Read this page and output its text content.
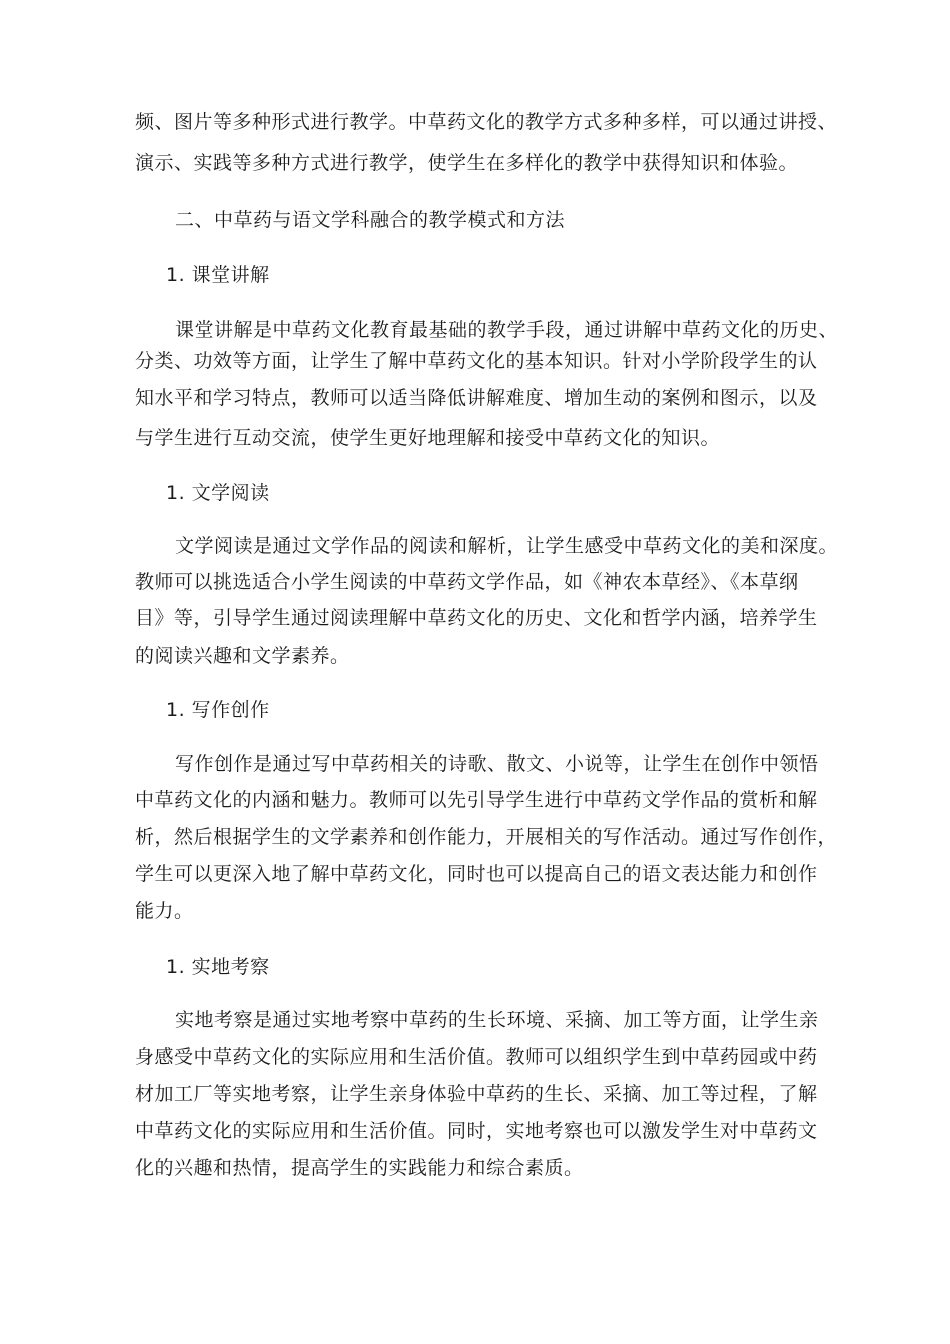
频、图片等多种形式进行教学。中草药文化的教学方式多种多样，可以通过讲授、
演示、实践等多种方式进行教学，使学生在多样化的教学中获得知识和体验。
二、中草药与语文学科融合的教学模式和方法
1. 课堂讲解
课堂讲解是中草药文化教育最基础的教学手段，通过讲解中草药文化的历史、
分类、功效等方面，让学生了解中草药文化的基本知识。针对小学阶段学生的认
知水平和学习特点，教师可以适当降低讲解难度、增加生动的案例和图示，以及
与学生进行互动交流，使学生更好地理解和接受中草药文化的知识。
1. 文学阅读
文学阅读是通过文学作品的阅读和解析，让学生感受中草药文化的美和深度。
教师可以挑选适合小学生阅读的中草药文学作品，如《神农本草经》、《本草纲
目》等，引导学生通过阅读理解中草药文化的历史、文化和哲学内涵，培养学生
的阅读兴趣和文学素养。
1. 写作创作
写作创作是通过写中草药相关的诗歌、散文、小说等，让学生在创作中领悟
中草药文化的内涵和魅力。教师可以先引导学生进行中草药文学作品的赏析和解
析，然后根据学生的文学素养和创作能力，开展相关的写作活动。通过写作创作，
学生可以更深入地了解中草药文化，同时也可以提高自己的语文表达能力和创作
能力。
1. 实地考察
实地考察是通过实地考察中草药的生长环境、采摘、加工等方面，让学生亲
身感受中草药文化的实际应用和生活价值。教师可以组织学生到中草药园或中药
材加工厂等实地考察，让学生亲身体验中草药的生长、采摘、加工等过程，了解
中草药文化的实际应用和生活价值。同时，实地考察也可以激发学生对中草药文
化的兴趣和热情，提高学生的实践能力和综合素质。
